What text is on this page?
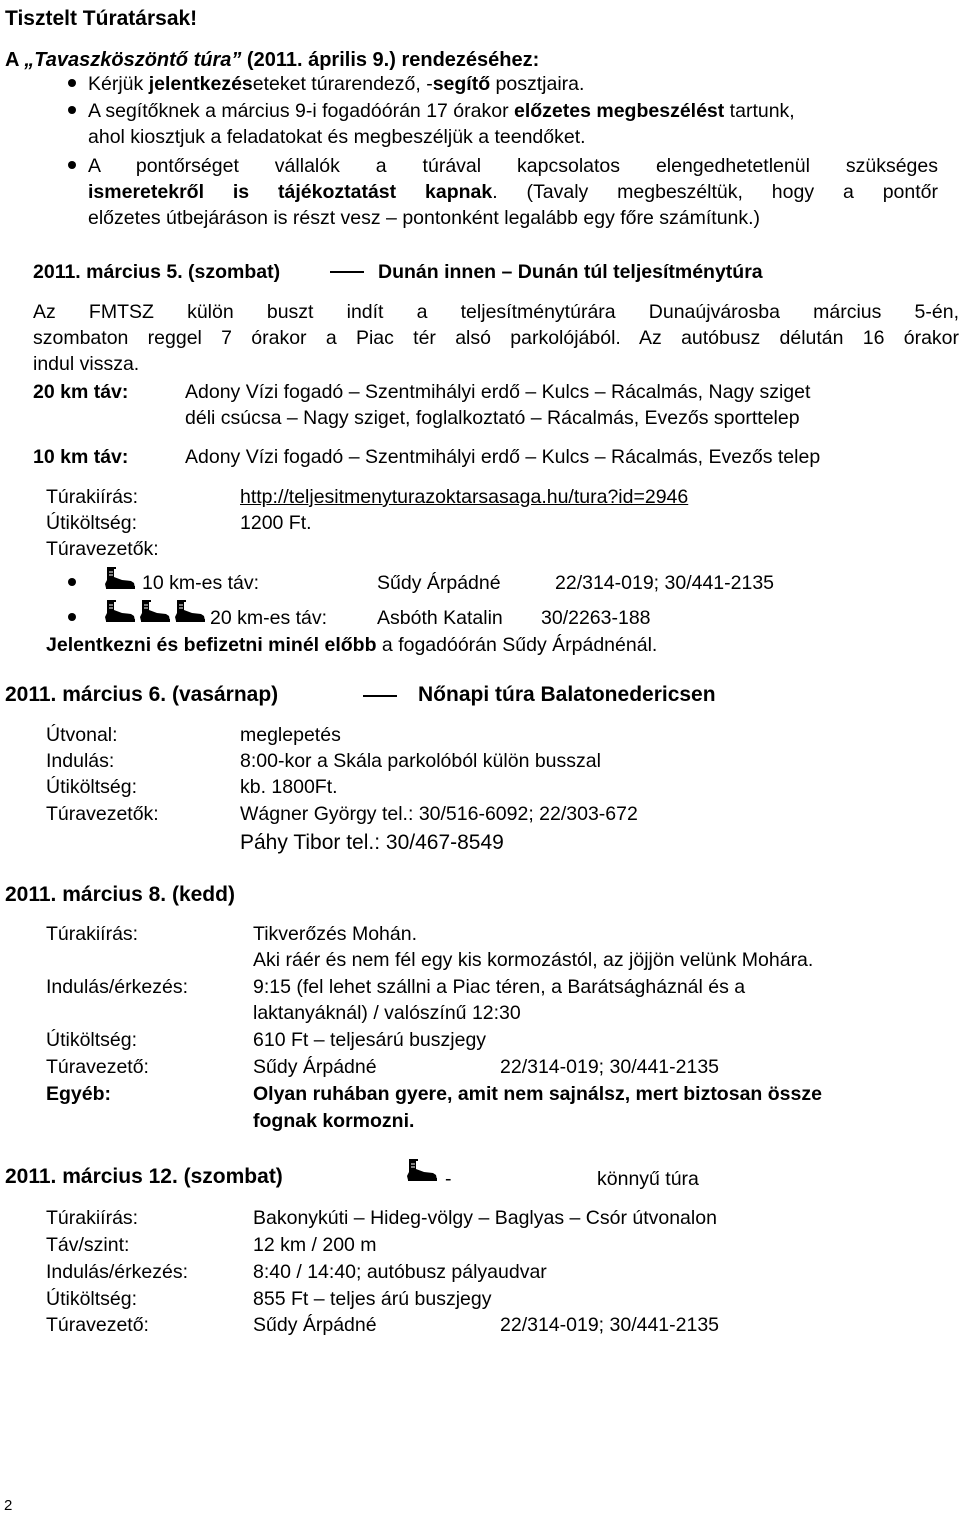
Tisztelt Túratársak!
A „Tavaszköszöntő túra” (2011. április 9.) rendezéséhez:
Kérjük jelentkezéseteket túrarendező, -segítő posztjaira.
A segítőknek a március 9-i fogadóórán 17 órakor előzetes megbeszélést tartunk,
ahol kiosztjuk a feladatokat és megbeszéljük a teendőket.
A pontőrséget vállalók a túrával kapcsolatos elengedhetetlenül szükséges
ismeretekről is tájékoztatást kapnak. (Tavaly megbeszéltük, hogy a pontőr
előzetes útbejáráson is részt vesz – pontonként legalább egy főre számítunk.)
2011. március 5. (szombat)	Dunán innen – Dunán túl teljesítménytúra
Az FMTSZ külön buszt indít a teljesítménytúrára Dunaújvárosba március 5-én,
szombaton reggel 7 órakor a Piac tér alsó parkolójából. Az autóbusz délután 16 órakor
indul vissza.
20 km táv:	Adony Vízi fogadó – Szentmihályi erdő – Kulcs – Rácalmás, Nagy sziget
déli csúcsa – Nagy sziget, foglalkoztató – Rácalmás, Evezős sporttelep
10 km táv:	Adony Vízi fogadó – Szentmihályi erdő – Kulcs – Rácalmás, Evezős telep
Túrakiírás:	http://teljesitmenyturazoktarsasaga.hu/tura?id=2946
Útiköltség:	1200 Ft.
Túravezetők:
10 km-es táv:	Sűdy Árpádné	22/314-019; 30/441-2135
20 km-es táv:	Asbóth Katalin 30/2263-188
Jelentkezni és befizetni minél előbb a fogadóórán Sűdy Árpádnénál.
2011. március 6. (vasárnap)	Nőnapi túra Balatonedericsen
Útvonal:	meglepetés
Indulás:	8:00-kor a Skála parkolóból külön busszal
Útiköltség:	kb. 1800Ft.
Túravezetők:	Wágner György tel.: 30/516-6092; 22/303-672
Páhy Tibor tel.: 30/467-8549
2011. március 8. (kedd)
Túrakiírás:	Tikverőzés Mohán.
Aki ráér és nem fél egy kis kormozástól, az jöjjön velünk Mohára.
Indulás/érkezés:	9:15 (fel lehet szállni a Piac téren, a Barátságháznál és a
laktanyáknál) / valószínű 12:30
Útiköltség:	610 Ft – teljesárú buszjegy
Túravezető:	Sűdy Árpádné	22/314-019; 30/441-2135
Egyéb:	Olyan ruhában gyere, amit nem sajnálsz, mert biztosan össze
fognak kormozni.
2011. március 12. (szombat)	-	könnyű túra
Túrakiírás:	Bakonykúti – Hideg-völgy – Baglyas – Csór útvonalon
Táv/szint:	12 km / 200 m
Indulás/érkezés:	8:40 / 14:40; autóbusz pályaudvar
Útiköltség:	855 Ft – teljes árú buszjegy
Túravezető:	Sűdy Árpádné	22/314-019; 30/441-2135
2
